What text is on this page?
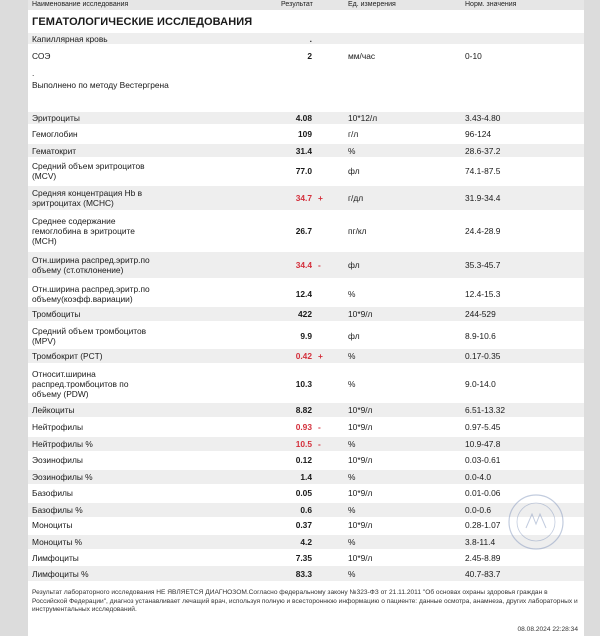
Наименование исследования	Результат	Ед. измерения	Норм. значения
ГЕМАТОЛОГИЧЕСКИЕ ИССЛЕДОВАНИЯ
Капиллярная кровь	.
СОЭ	2	мм/час	0-10
.
Выполнено по методу Вестергрена
Эритроциты	4.08	10*12/л	3.43-4.80
Гемоглобин	109	г/л	96-124
Гематокрит	31.4	%	28.6-37.2
Средний объем эритроцитов
(MCV)	77.0	фл	74.1-87.5
Средняя концентрация Hb в
эритроцитах (MCHC)	34.7 +	г/дл	31.9-34.4
Среднее содержание
гемоглобина в эритроците
(MCH)
26.7	пг/кл	24.4-28.9
Отн.ширина распред.эритр.по
объему (ст.отклонение)	34.4 -	фл	35.3-45.7
Отн.ширина распред.эритр.по
объему(коэфф.вариации)	12.4	%	12.4-15.3
Тромбоциты	422	10*9/л	244-529
Средний объем тромбоцитов
(MPV)	9.9	фл	8.9-10.6
Тромбокрит (PCT)	0.42 +	%	0.17-0.35
Относит.ширина
распред.тромбоцитов по
объему (PDW)
10.3	%	9.0-14.0
Лейкоциты	8.82	10*9/л	6.51-13.32
Нейтрофилы	0.93 -	10*9/л	0.97-5.45
Нейтрофилы %	10.5 -	%	10.9-47.8
Эозинофилы	0.12	10*9/л	0.03-0.61
Эозинофилы %	1.4	%	0.0-4.0
Базофилы	0.05	10*9/л	0.01-0.06
Базофилы %	0.6	%	0.0-0.6
Моноциты	0.37	10*9/л	0.28-1.07
Моноциты %	4.2	%	3.8-11.4
Лимфоциты	7.35	10*9/л	2.45-8.89
Лимфоциты %	83.3	%	40.7-83.7
Результат лабораторного исследования НЕ ЯВЛЯЕТСЯ ДИАГНОЗОМ.Согласно федеральному закону №323-ФЗ от 21.11.2011 "Об основах охраны здоровья граждан в Российской Федерации", диагноз устанавливает лечащий врач, используя полную и всестороннюю информацию о пациенте: данные осмотра, анамнеза, других лабораторных и инструментальных исследований.
08.08.2024 22:28:34
